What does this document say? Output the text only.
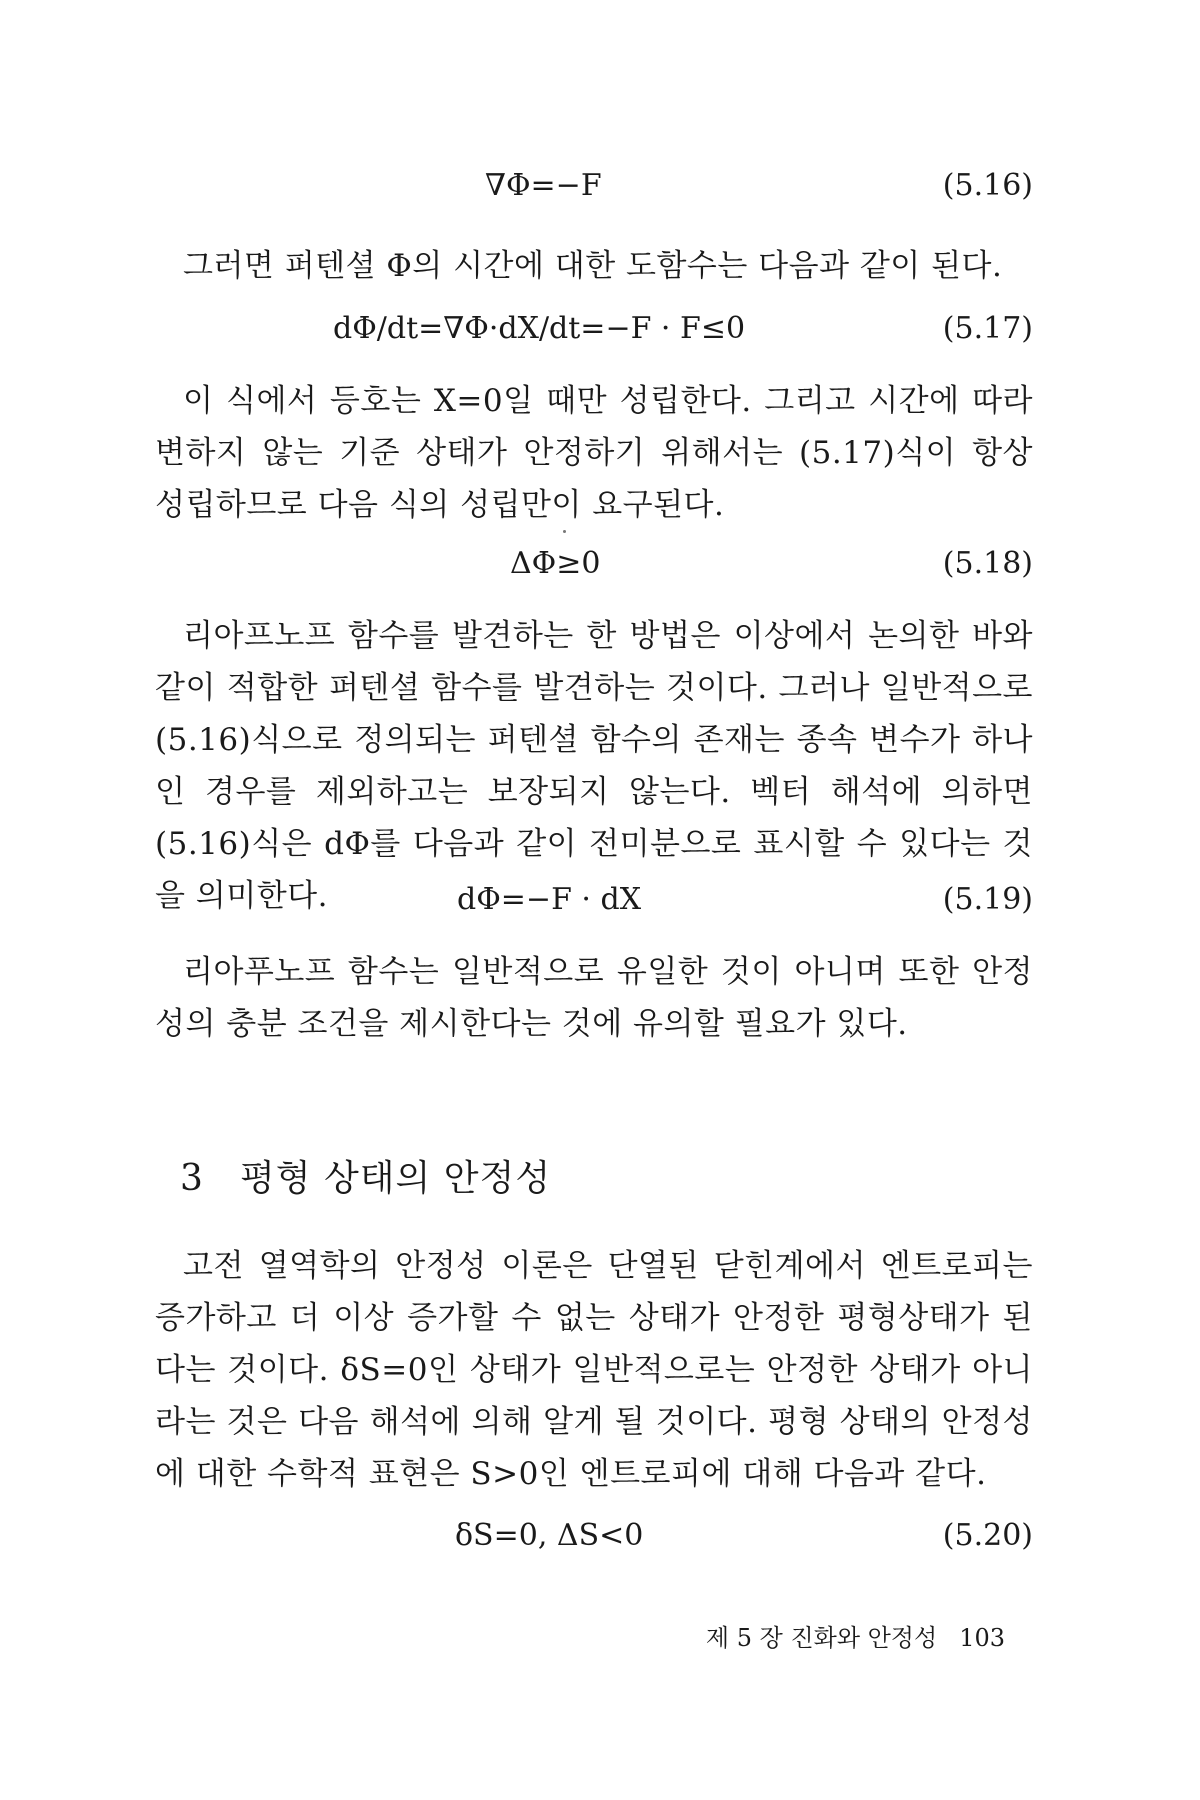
∇Φ=−F	(5.16)

그러면 퍼텐셜 Φ의 시간에 대한 도함수는 다음과 같이 된다.

dΦ/dt=∇Φ·dX/dt=−F · F≤0	(5.17)

이 식에서 등호는 X=0일 때만 성립한다. 그리고 시간에 따라 변하지 않는 기준 상태가 안정하기 위해서는 (5.17)식이 항상 성립하므로 다음 식의 성립만이 요구된다.

ΔΦ≥0	(5.18)

리아프노프 함수를 발견하는 한 방법은 이상에서 논의한 바와 같이 적합한 퍼텐셜 함수를 발견하는 것이다. 그러나 일반적으로 (5.16)식으로 정의되는 퍼텐셜 함수의 존재는 종속 변수가 하나인 경우를 제외하고는 보장되지 않는다. 벡터 해석에 의하면 (5.16)식은 dΦ를 다음과 같이 전미분으로 표시할 수 있다는 것을 의미한다.	dΦ=−F · dX	(5.19)

리아푸노프 함수는 일반적으로 유일한 것이 아니며 또한 안정성의 충분 조건을 제시한다는 것에 유의할 필요가 있다.

3 평형 상태의 안정성

고전 열역학의 안정성 이론은 단열된 닫힌계에서 엔트로피는 증가하고 더 이상 증가할 수 없는 상태가 안정한 평형상태가 된다는 것이다. δS=0인 상태가 일반적으로는 안정한 상태가 아니라는 것은 다음 해석에 의해 알게 될 것이다. 평형 상태의 안정성에 대한 수학적 표현은 S>0인 엔트로피에 대해 다음과 같다.

δS=0, ΔS<0	(5.20)
제 5 장 진화와 안정성 103
